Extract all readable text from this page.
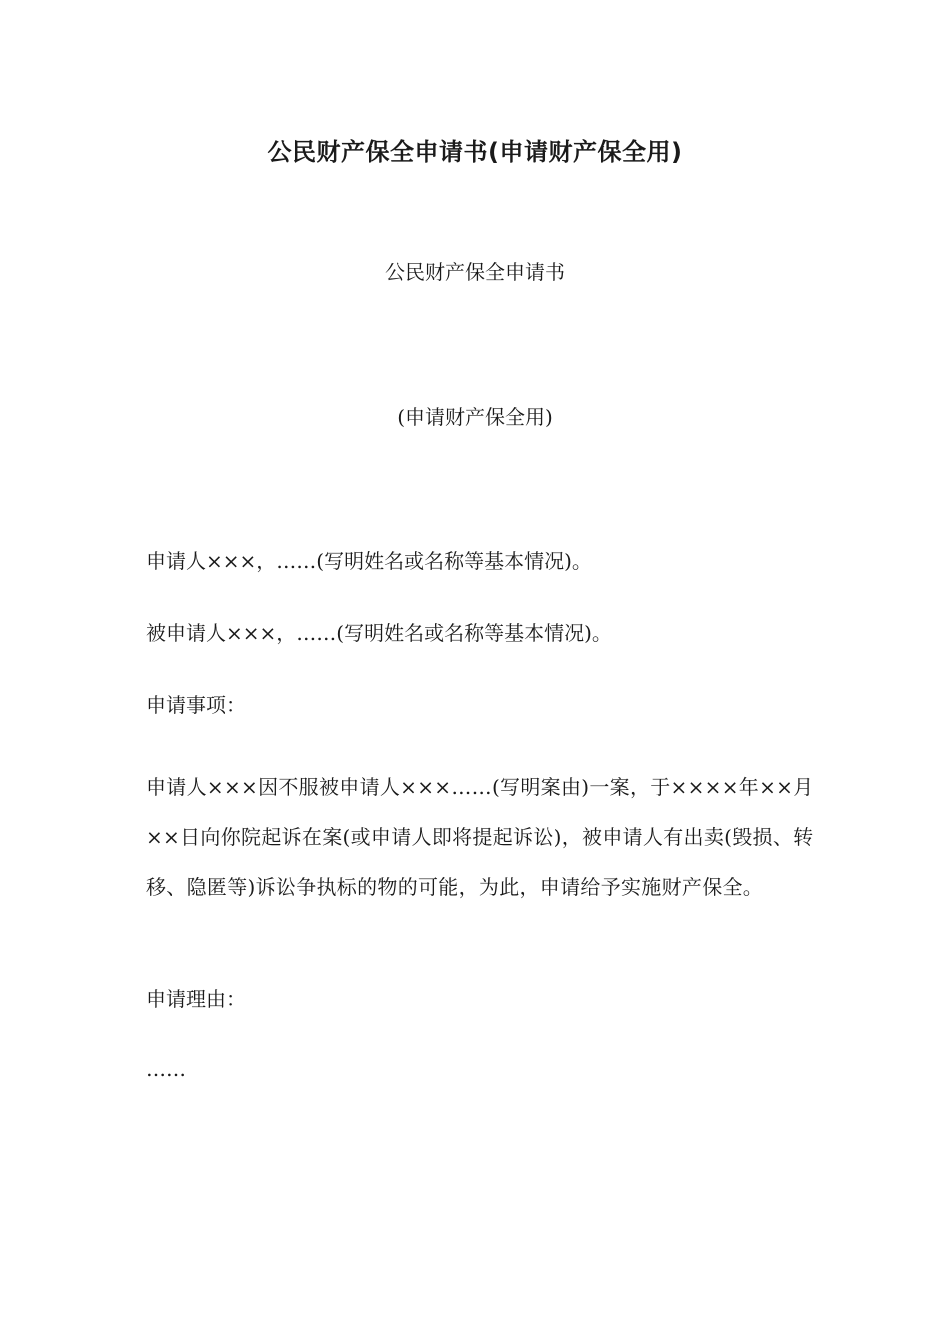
公民财产保全申请书(申请财产保全用)
公民财产保全申请书
(申请财产保全用)

申请人×××，……(写明姓名或名称等基本情况)。

被申请人×××，……(写明姓名或名称等基本情况)。

申请事项：

申请人×××因不服被申请人×××……(写明案由)一案，于××××年××月××日向你院起诉在案(或申请人即将提起诉讼)，被申请人有出卖(毁损、转移、隐匿等)诉讼争执标的物的可能，为此，申请给予实施财产保全。

申请理由：

……
